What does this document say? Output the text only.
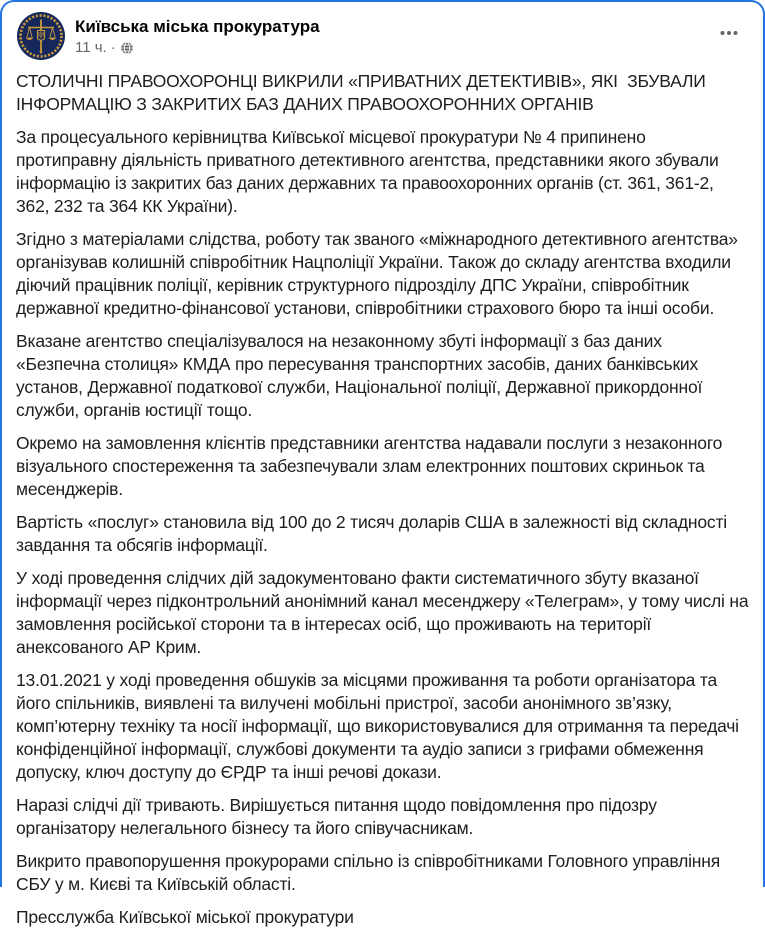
Київська міська прокуратура
11 ч. ·

СТОЛИЧНІ ПРАВООХОРОНЦІ ВИКРИЛИ «ПРИВАТНИХ ДЕТЕКТИВІВ», ЯКІ  ЗБУВАЛИ ІНФОРМАЦІЮ З ЗАКРИТИХ БАЗ ДАНИХ ПРАВООХОРОННИХ ОРГАНІВ

За процесуального керівництва Київської місцевої прокуратури № 4 припинено протиправну діяльність приватного детективного агентства, представники якого збували інформацію із закритих баз даних державних та правоохоронних органів (ст. 361, 361-2, 362, 232 та 364 КК України).

Згідно з матеріалами слідства, роботу так званого «міжнародного детективного агентства» організував колишній співробітник Нацполіції України. Також до складу агентства входили діючий працівник поліції, керівник структурного підрозділу ДПС України, співробітник державної кредитно-фінансової установи, співробітники страхового бюро та інші особи.

Вказане агентство спеціалізувалося на незаконному збуті інформації з баз даних «Безпечна столиця» КМДА про пересування транспортних засобів, даних банківських установ, Державної податкової служби, Національної поліції, Державної прикордонної служби, органів юстиції тощо.

Окремо на замовлення клієнтів представники агентства надавали послуги з незаконного візуального спостереження та забезпечували злам електронних поштових скриньок та месенджерів.

Вартість «послуг» становила від 100 до 2 тисяч доларів США в залежності від складності завдання та обсягів інформації.

У ході проведення слідчих дій задокументовано факти систематичного збуту вказаної інформації через підконтрольний анонімний канал месенджеру «Телеграм», у тому числі на замовлення російської сторони та в інтересах осіб, що проживають на території анексованого АР Крим.

13.01.2021 у ході проведення обшуків за місцями проживання та роботи організатора та його спільників, виявлені та вилучені мобільні пристрої, засоби анонімного зв’язку, комп’ютерну техніку та носії інформації, що використовувалися для отримання та передачі конфіденційної інформації, службові документи та аудіо записи з грифами обмеження допуску, ключ доступу до ЄРДР та інші речові докази.

Наразі слідчі дії тривають. Вирішується питання щодо повідомлення про підозру організатору нелегального бізнесу та його співучасникам.

Викрито правопорушення прокурорами спільно із співробітниками Головного управління СБУ у м. Києві та Київській області.

Пресслужба Київської міської прокуратури
